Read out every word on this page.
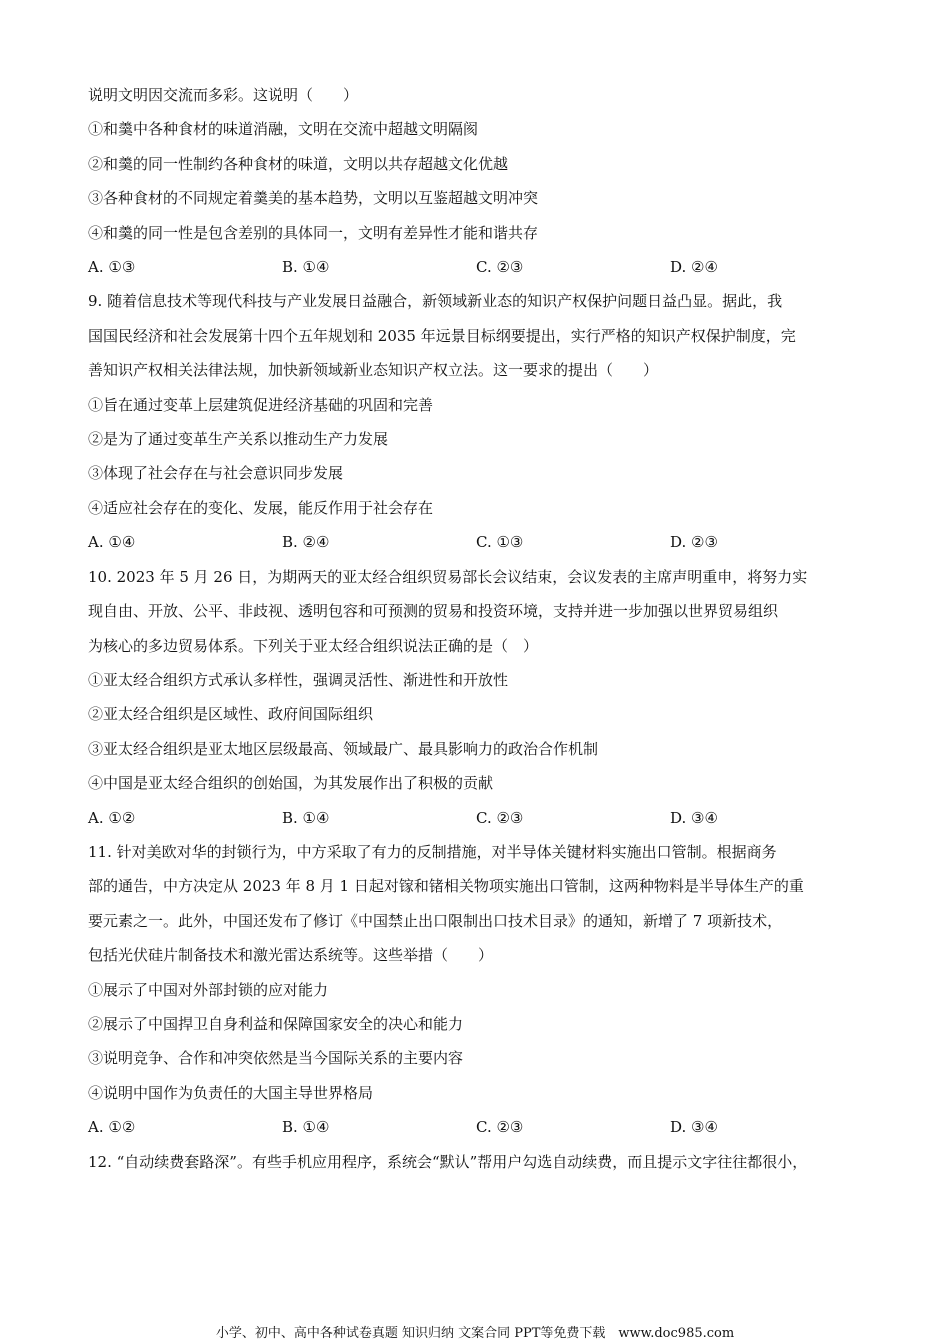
说明文明因交流而多彩。这说明（　　）
①和羹中各种食材的味道消融，文明在交流中超越文明隔阂
②和羹的同一性制约各种食材的味道，文明以共存超越文化优越
③各种食材的不同规定着羹美的基本趋势，文明以互鉴超越文明冲突
④和羹的同一性是包含差别的具体同一，文明有差异性才能和谐共存
A. ①③	B. ①④	C. ②③	D. ②④
9. 随着信息技术等现代科技与产业发展日益融合，新领域新业态的知识产权保护问题日益凸显。据此，我
国国民经济和社会发展第十四个五年规划和 2035 年远景目标纲要提出，实行严格的知识产权保护制度，完
善知识产权相关法律法规，加快新领域新业态知识产权立法。这一要求的提出（　　）
①旨在通过变革上层建筑促进经济基础的巩固和完善
②是为了通过变革生产关系以推动生产力发展
③体现了社会存在与社会意识同步发展
④适应社会存在的变化、发展，能反作用于社会存在
A. ①④	B. ②④	C. ①③	D. ②③
10. 2023 年 5 月 26 日，为期两天的亚太经合组织贸易部长会议结束，会议发表的主席声明重申，将努力实
现自由、开放、公平、非歧视、透明包容和可预测的贸易和投资环境，支持并进一步加强以世界贸易组织
为核心的多边贸易体系。下列关于亚太经合组织说法正确的是（　）
①亚太经合组织方式承认多样性，强调灵活性、渐进性和开放性
②亚太经合组织是区域性、政府间国际组织
③亚太经合组织是亚太地区层级最高、领域最广、最具影响力的政治合作机制
④中国是亚太经合组织的创始国，为其发展作出了积极的贡献
A. ①②	B. ①④	C. ②③	D. ③④
11. 针对美欧对华的封锁行为，中方采取了有力的反制措施，对半导体关键材料实施出口管制。根据商务
部的通告，中方决定从 2023 年 8 月 1 日起对镓和锗相关物项实施出口管制，这两种物料是半导体生产的重
要元素之一。此外，中国还发布了修订《中国禁止出口限制出口技术目录》的通知，新增了 7 项新技术，
包括光伏硅片制备技术和激光雷达系统等。这些举措（　　）
①展示了中国对外部封锁的应对能力
②展示了中国捍卫自身利益和保障国家安全的决心和能力
③说明竞争、合作和冲突依然是当今国际关系的主要内容
④说明中国作为负责任的大国主导世界格局
A. ①②	B. ①④	C. ②③	D. ③④
12. “自动续费套路深”。有些手机应用程序，系统会“默认”帮用户勾选自动续费，而且提示文字往往都很小，
小学、初中、高中各种试卷真题 知识归纳 文案合同 PPT等免费下载　www.doc985.com
